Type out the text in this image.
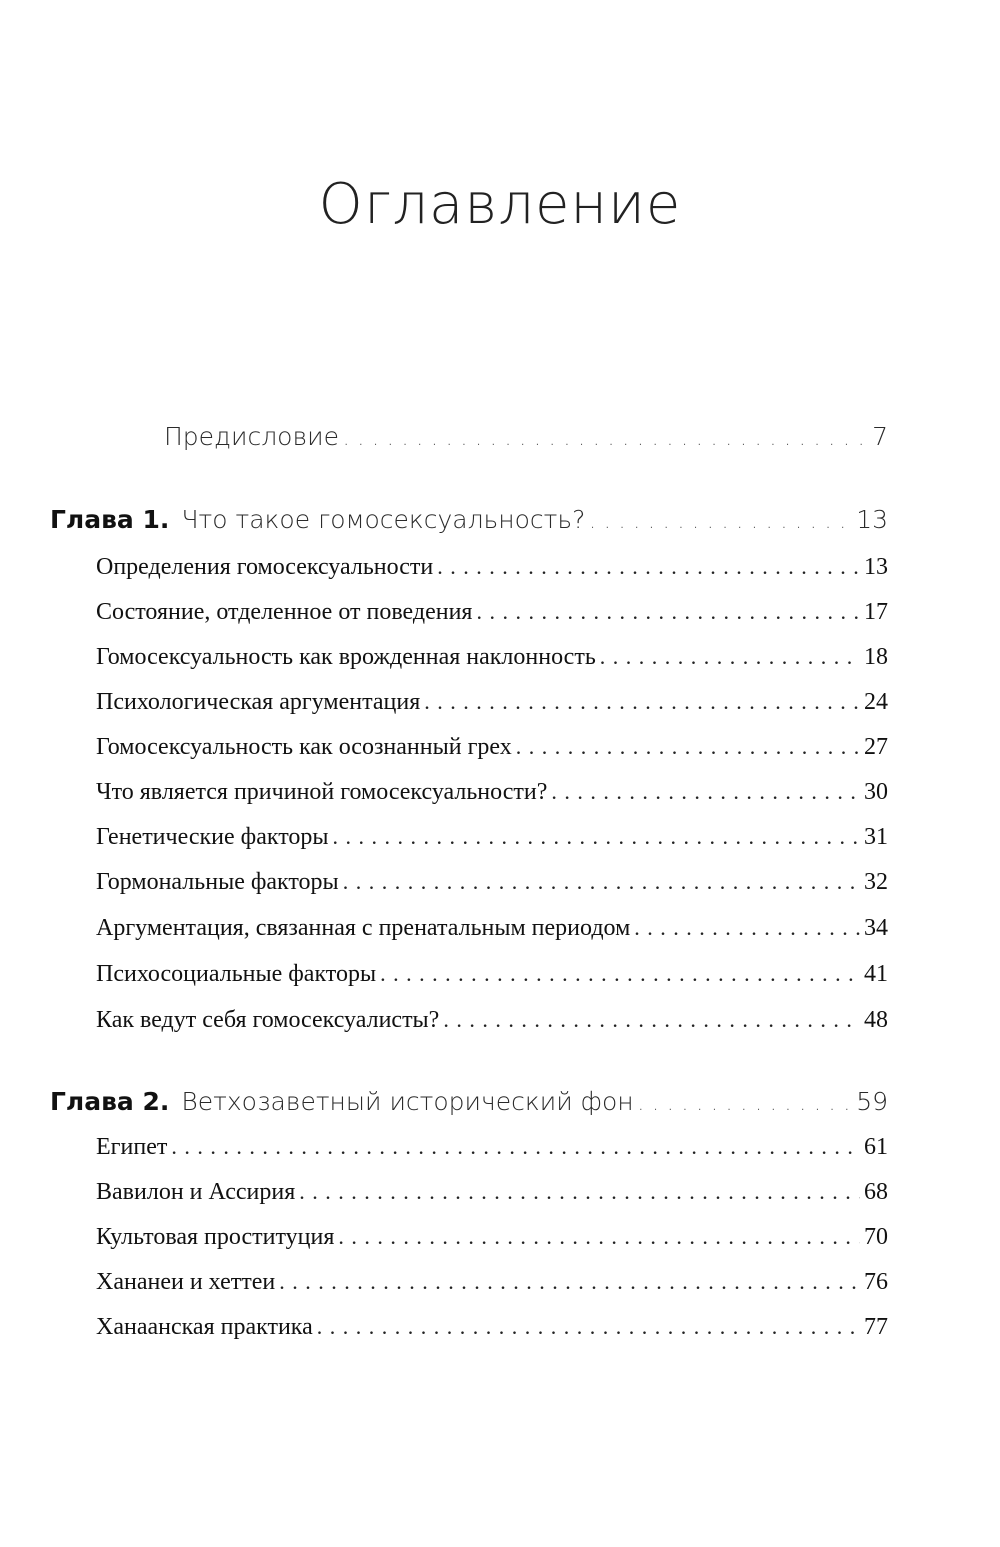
Оглавление
Предисловие . . .	7
Глава 1. Что такое гомосексуальность? . . .	13
Определения гомосексуальности . . .	13
Состояние, отделенное от поведения . . .	17
Гомосексуальность как врожденная наклонность . . .	18
Психологическая аргументация . . .	24
Гомосексуальность как осознанный грех . . .	27
Что является причиной гомосексуальности? . . .	30
Генетические факторы . . .	31
Гормональные факторы . . .	32
Аргументация, связанная с пренатальным периодом . . .	34
Психосоциальные факторы . . .	41
Как ведут себя гомосексуалисты? . . .	48
Глава 2. Ветхозаветный исторический фон . . .	59
Египет . . .	61
Вавилон и Ассирия . . .	68
Культовая проституция . . .	70
Хананеи и хеттеи . . .	76
Ханаанская практика . . .	77
